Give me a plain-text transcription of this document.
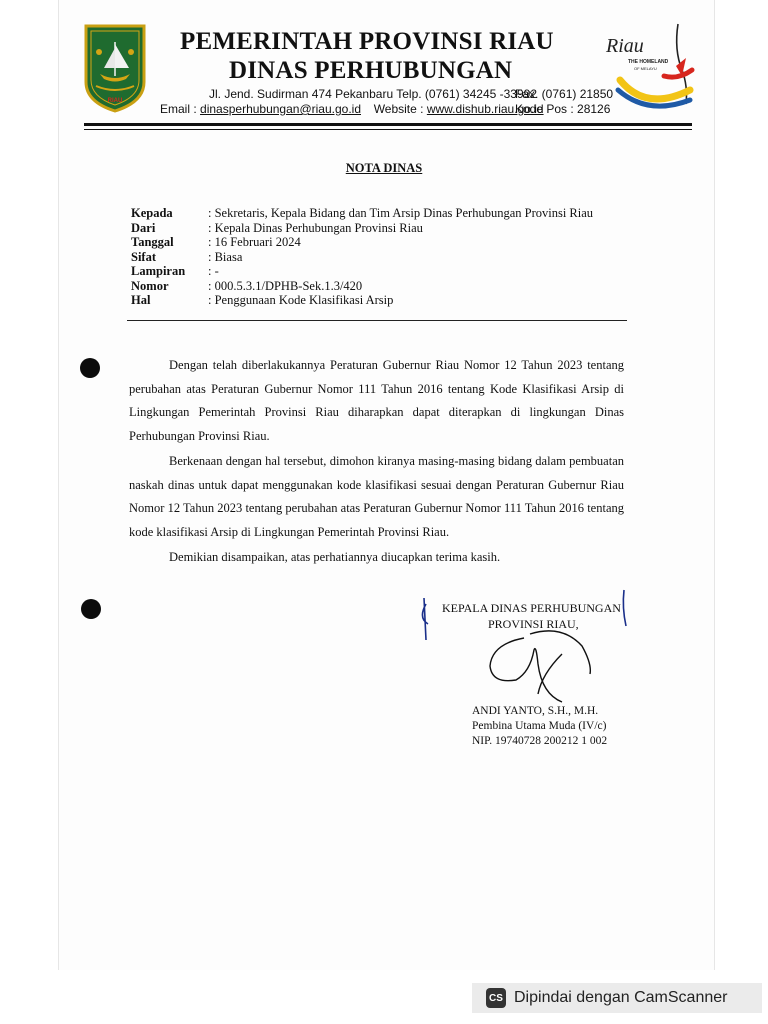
RIAU
PEMERINTAH PROVINSI RIAU
DINAS PERHUBUNGAN
Jl. Jend. Sudirman 474 Pekanbaru Telp. (0761) 34245 -33992
Fax. (0761) 21850
Email : dinasperhubungan@riau.go.id Website : www.dishub.riau.go.id
Kode Pos : 28126
Riau
THE HOMELAND
OF MELAYU
NOTA DINAS
Kepada	: Sekretaris, Kepala Bidang dan Tim Arsip Dinas Perhubungan Provinsi Riau
Dari	: Kepala Dinas Perhubungan Provinsi Riau
Tanggal	: 16 Februari 2024
Sifat	: Biasa
Lampiran : -
Nomor	: 000.5.3.1/DPHB-Sek.1.3/420
Hal	: Penggunaan Kode Klasifikasi Arsip
Dengan telah diberlakukannya Peraturan Gubernur Riau Nomor 12 Tahun 2023 tentang perubahan atas Peraturan Gubernur Nomor 111 Tahun 2016 tentang Kode Klasifikasi Arsip di Lingkungan Pemerintah Provinsi Riau diharapkan dapat diterapkan di lingkungan Dinas Perhubungan Provinsi Riau.
Berkenaan dengan hal tersebut, dimohon kiranya masing-masing bidang dalam pembuatan naskah dinas untuk dapat menggunakan kode klasifikasi sesuai dengan Peraturan Gubernur Riau Nomor 12 Tahun 2023 tentang perubahan atas Peraturan Gubernur Nomor 111 Tahun 2016 tentang kode klasifikasi Arsip di Lingkungan Pemerintah Provinsi Riau.
Demikian disampaikan, atas perhatiannya diucapkan terima kasih.
KEPALA DINAS PERHUBUNGAN
PROVINSI RIAU,
ANDI YANTO, S.H., M.H.
Pembina Utama Muda (IV/c)
NIP. 19740728 200212 1 002
CS Dipindai dengan CamScanner
